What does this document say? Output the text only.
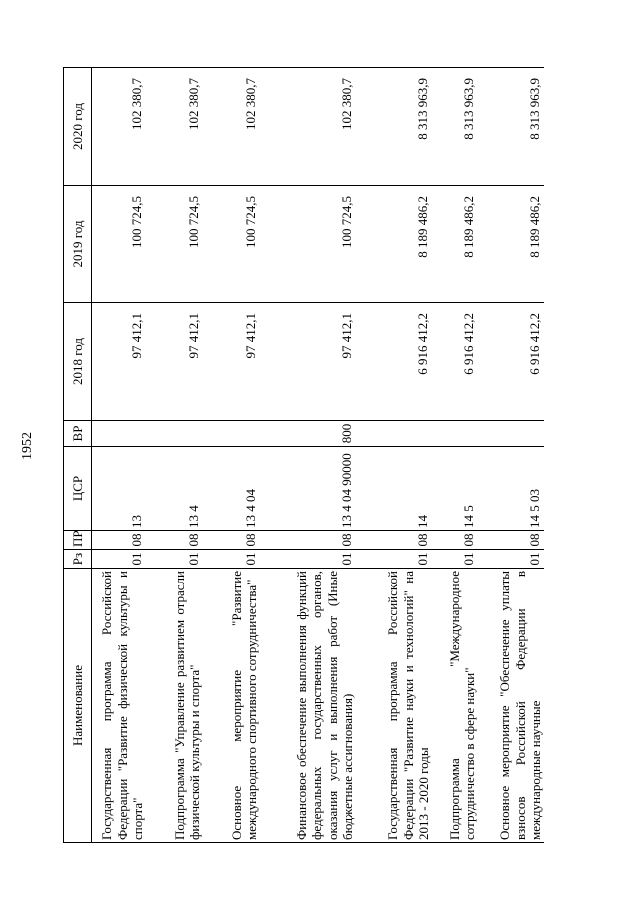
1952
Наименование	Рз	ПР	ЦСР	ВР	2018 год	2019 год	2020 год
Государственная программа Российской Федерации "Развитие физической культуры и спорта"	01	08	13		97 412,1	100 724,5	102 380,7
Подпрограмма "Управление развитием отрасли физической культуры и спорта"	01	08	13 4		97 412,1	100 724,5	102 380,7
Основное мероприятие "Развитие международного спортивного сотрудничества"	01	08	13 4 04		97 412,1	100 724,5	102 380,7
Финансовое обеспечение выполнения функций федеральных государственных органов, оказания услуг и выполнения работ (Иные бюджетные ассигнования)	01	08	13 4 04 90000	800	97 412,1	100 724,5	102 380,7
Государственная программа Российской Федерации "Развитие науки и технологий" на 2013 - 2020 годы	01	08	14		6 916 412,2	8 189 486,2	8 313 963,9
Подпрограмма "Международное сотрудничество в сфере науки"	01	08	14 5		6 916 412,2	8 189 486,2	8 313 963,9
Основное мероприятие "Обеспечение уплаты взносов Российской Федерации в международные научные	01	08	14 5 03		6 916 412,2	8 189 486,2	8 313 963,9
